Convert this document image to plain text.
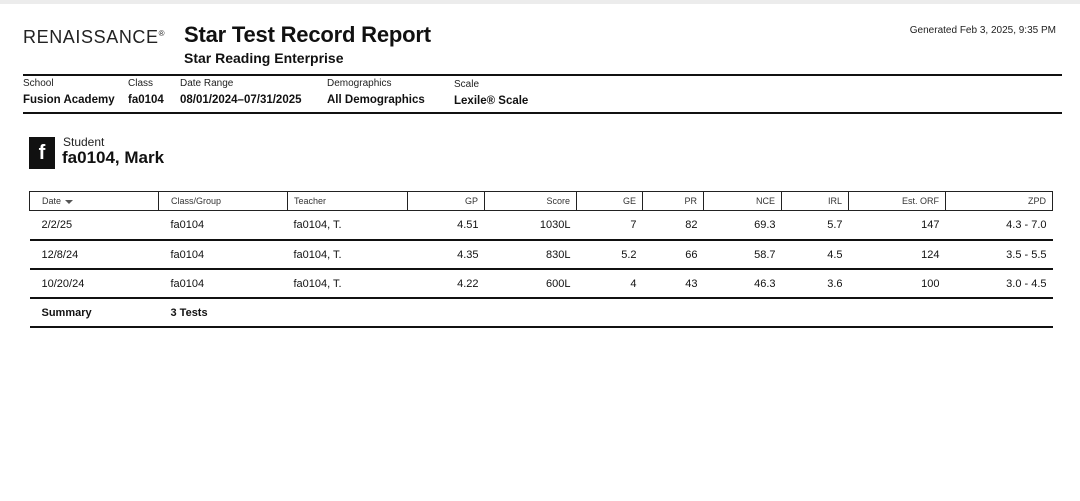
RENAISSANCE® Star Test Record Report
Star Reading Enterprise
Generated Feb 3, 2025, 9:35 PM
School
Fusion Academy
Class
fa0104
Date Range
08/01/2024–07/31/2025
Demographics
All Demographics
Scale
Lexile® Scale
f	Student
fa0104, Mark
Date	Class/Group	Teacher	GP	Score	GE	PR	NCE	IRL	Est. ORF	ZPD
2/2/25	fa0104	fa0104, T.	4.51	1030L	7	82	69.3	5.7	147	4.3 - 7.0
12/8/24	fa0104	fa0104, T.	4.35	830L	5.2	66	58.7	4.5	124	3.5 - 5.5
10/20/24	fa0104	fa0104, T.	4.22	600L	4	43	46.3	3.6	100	3.0 - 4.5
Summary	3 Tests									
